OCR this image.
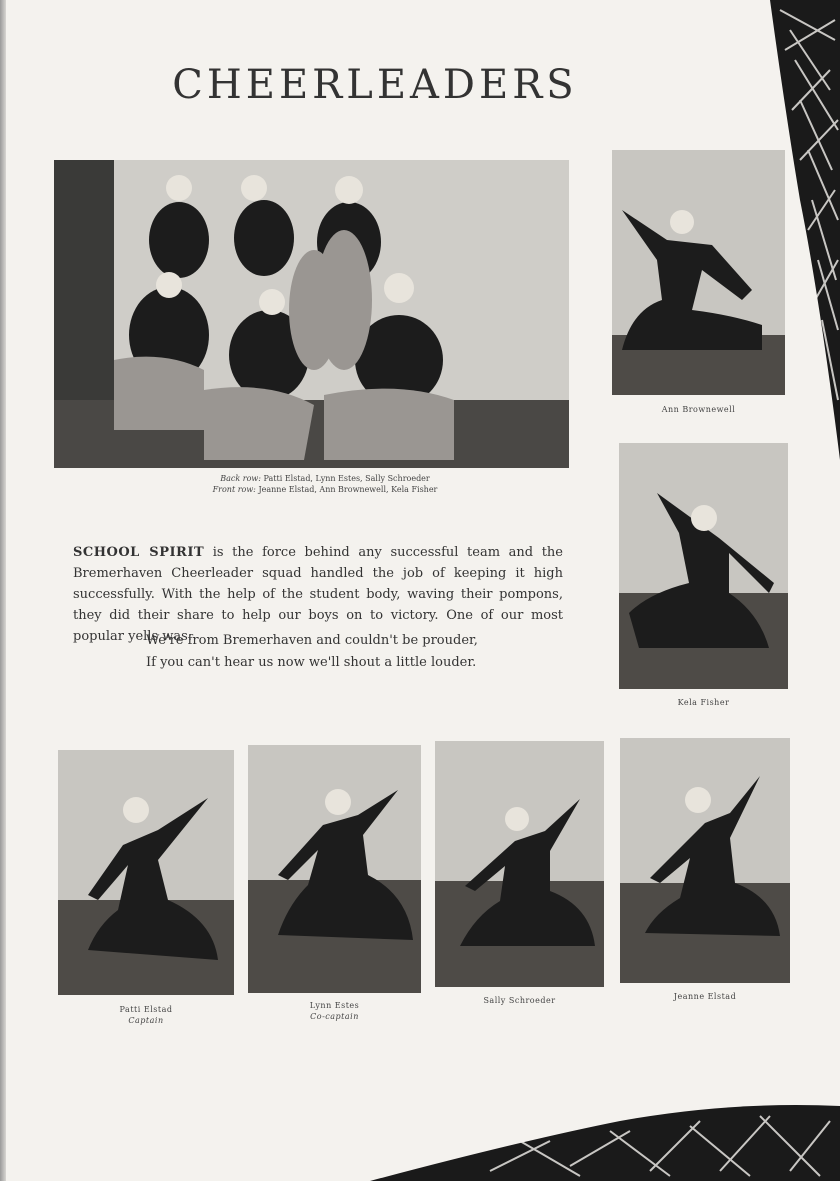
CHEERLEADERS
Back row: Patti Elstad, Lynn Estes, Sally Schroeder
Front row: Jeanne Elstad, Ann Brownewell, Kela Fisher
SCHOOL SPIRIT is the force behind any successful team and the Bremerhaven Cheerleader squad handled the job of keeping it high successfully. With the help of the student body, waving their pompons, they did their share to help our boys on to victory. One of our most popular yells was:
We're from Bremerhaven and couldn't be prouder,
If you can't hear us now we'll shout a little louder.
Ann Brownewell
Kela Fisher
Patti Elstad
Captain
Lynn Estes
Co-captain
Sally Schroeder	Jeanne Elstad
